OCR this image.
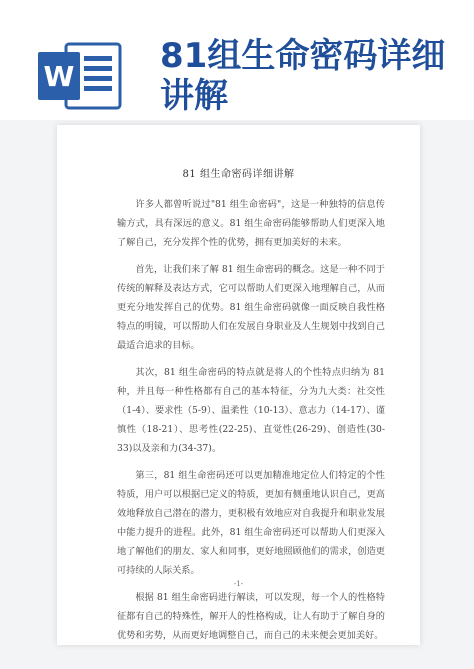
W
81组生命密码详细讲解
81 组生命密码详细讲解

许多人都曾听说过"81 组生命密码"，这是一种独特的信息传输方式，具有深远的意义。81 组生命密码能够帮助人们更深入地了解自己，充分发挥个性的优势，拥有更加美好的未来。

首先，让我们来了解 81 组生命密码的概念。这是一种不同于传统的解释及表达方式，它可以帮助人们更深入地理解自己，从而更充分地发挥自己的优势。81 组生命密码就像一面反映自我性格特点的明镜，可以帮助人们在发展自身职业及人生规划中找到自己最适合追求的目标。

其次，81 组生命密码的特点就是将人的个性特点归纳为 81 种，并且每一种性格都有自己的基本特征，分为九大类：社交性（1-4）、要求性（5-9）、温柔性（10-13）、意志力（14-17）、谨慎性（18-21）、思考性(22-25)、直觉性(26-29)、创造性(30-33)以及亲和力(34-37)。

第三，81 组生命密码还可以更加精准地定位人们特定的个性特质，用户可以根据已定义的特质，更加有侧重地认识自己，更高效地释放自己潜在的潜力，更积极有效地应对自我提升和职业发展中能力提升的进程。此外，81 组生命密码还可以帮助人们更深入地了解他们的朋友、家人和同事，更好地照顾他们的需求，创造更可持续的人际关系。

根据 81 组生命密码进行解读，可以发现，每一个人的性格特征都有自己的特殊性，解开人的性格构成，让人有助于了解自身的优势和劣势，从而更好地调整自己，而自己的未来便会更加美好。

-1-
